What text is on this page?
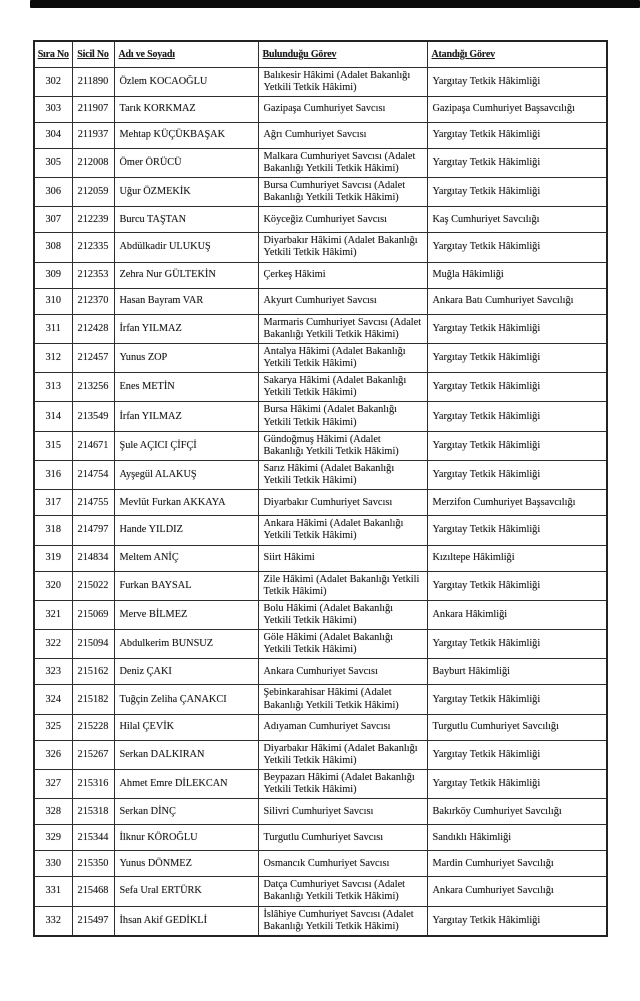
Sıra No	Sicil No	Adı ve Soyadı	Bulunduğu Görev	Atandığı Görev
302	211890	Özlem KOCAOĞLU	Balıkesir Hâkimi (Adalet Bakanlığı Yetkili Tetkik Hâkimi)	Yargıtay Tetkik Hâkimliği
303	211907	Tarık KORKMAZ	Gazipaşa Cumhuriyet Savcısı	Gazipaşa Cumhuriyet Başsavcılığı
304	211937	Mehtap KÜÇÜKBAŞAK	Ağrı Cumhuriyet Savcısı	Yargıtay Tetkik Hâkimliği
305	212008	Ömer ÖRÜCÜ	Malkara Cumhuriyet Savcısı (Adalet Bakanlığı Yetkili Tetkik Hâkimi)	Yargıtay Tetkik Hâkimliği
306	212059	Uğur ÖZMEKİK	Bursa Cumhuriyet Savcısı (Adalet Bakanlığı Yetkili Tetkik Hâkimi)	Yargıtay Tetkik Hâkimliği
307	212239	Burcu TAŞTAN	Köyceğiz Cumhuriyet Savcısı	Kaş Cumhuriyet Savcılığı
308	212335	Abdülkadir ULUKUŞ	Diyarbakır Hâkimi (Adalet Bakanlığı Yetkili Tetkik Hâkimi)	Yargıtay Tetkik Hâkimliği
309	212353	Zehra Nur GÜLTEKİN	Çerkeş Hâkimi	Muğla Hâkimliği
310	212370	Hasan Bayram VAR	Akyurt Cumhuriyet Savcısı	Ankara Batı Cumhuriyet Savcılığı
311	212428	İrfan YILMAZ	Marmaris Cumhuriyet Savcısı (Adalet Bakanlığı Yetkili Tetkik Hâkimi)	Yargıtay Tetkik Hâkimliği
312	212457	Yunus ZOP	Antalya Hâkimi (Adalet Bakanlığı Yetkili Tetkik Hâkimi)	Yargıtay Tetkik Hâkimliği
313	213256	Enes METİN	Sakarya Hâkimi (Adalet Bakanlığı Yetkili Tetkik Hâkimi)	Yargıtay Tetkik Hâkimliği
314	213549	İrfan YILMAZ	Bursa Hâkimi (Adalet Bakanlığı Yetkili Tetkik Hâkimi)	Yargıtay Tetkik Hâkimliği
315	214671	Şule AÇICI ÇİFÇİ	Gündoğmuş Hâkimi (Adalet Bakanlığı Yetkili Tetkik Hâkimi)	Yargıtay Tetkik Hâkimliği
316	214754	Ayşegül ALAKUŞ	Sarız Hâkimi (Adalet Bakanlığı Yetkili Tetkik Hâkimi)	Yargıtay Tetkik Hâkimliği
317	214755	Mevlüt Furkan AKKAYA	Diyarbakır Cumhuriyet Savcısı	Merzifon Cumhuriyet Başsavcılığı
318	214797	Hande YILDIZ	Ankara Hâkimi (Adalet Bakanlığı Yetkili Tetkik Hâkimi)	Yargıtay Tetkik Hâkimliği
319	214834	Meltem ANİÇ	Siirt Hâkimi	Kızıltepe Hâkimliği
320	215022	Furkan BAYSAL	Zile Hâkimi (Adalet Bakanlığı Yetkili Tetkik Hâkimi)	Yargıtay Tetkik Hâkimliği
321	215069	Merve BİLMEZ	Bolu Hâkimi (Adalet Bakanlığı Yetkili Tetkik Hâkimi)	Ankara Hâkimliği
322	215094	Abdulkerim BUNSUZ	Göle Hâkimi (Adalet Bakanlığı Yetkili Tetkik Hâkimi)	Yargıtay Tetkik Hâkimliği
323	215162	Deniz ÇAKI	Ankara Cumhuriyet Savcısı	Bayburt Hâkimliği
324	215182	Tuğçin Zeliha ÇANAKCI	Şebinkarahisar Hâkimi (Adalet Bakanlığı Yetkili Tetkik Hâkimi)	Yargıtay Tetkik Hâkimliği
325	215228	Hilal ÇEVİK	Adıyaman Cumhuriyet Savcısı	Turgutlu Cumhuriyet Savcılığı
326	215267	Serkan DALKIRAN	Diyarbakır Hâkimi (Adalet Bakanlığı Yetkili Tetkik Hâkimi)	Yargıtay Tetkik Hâkimliği
327	215316	Ahmet Emre DİLEKCAN	Beypazarı Hâkimi (Adalet Bakanlığı Yetkili Tetkik Hâkimi)	Yargıtay Tetkik Hâkimliği
328	215318	Serkan DİNÇ	Silivri Cumhuriyet Savcısı	Bakırköy Cumhuriyet Savcılığı
329	215344	İlknur KÖROĞLU	Turgutlu Cumhuriyet Savcısı	Sandıklı Hâkimliği
330	215350	Yunus DÖNMEZ	Osmancık Cumhuriyet Savcısı	Mardin Cumhuriyet Savcılığı
331	215468	Sefa Ural ERTÜRK	Datça Cumhuriyet Savcısı (Adalet Bakanlığı Yetkili Tetkik Hâkimi)	Ankara Cumhuriyet Savcılığı
332	215497	İhsan Akif GEDİKLİ	İslâhiye Cumhuriyet Savcısı (Adalet Bakanlığı Yetkili Tetkik Hâkimi)	Yargıtay Tetkik Hâkimliği
